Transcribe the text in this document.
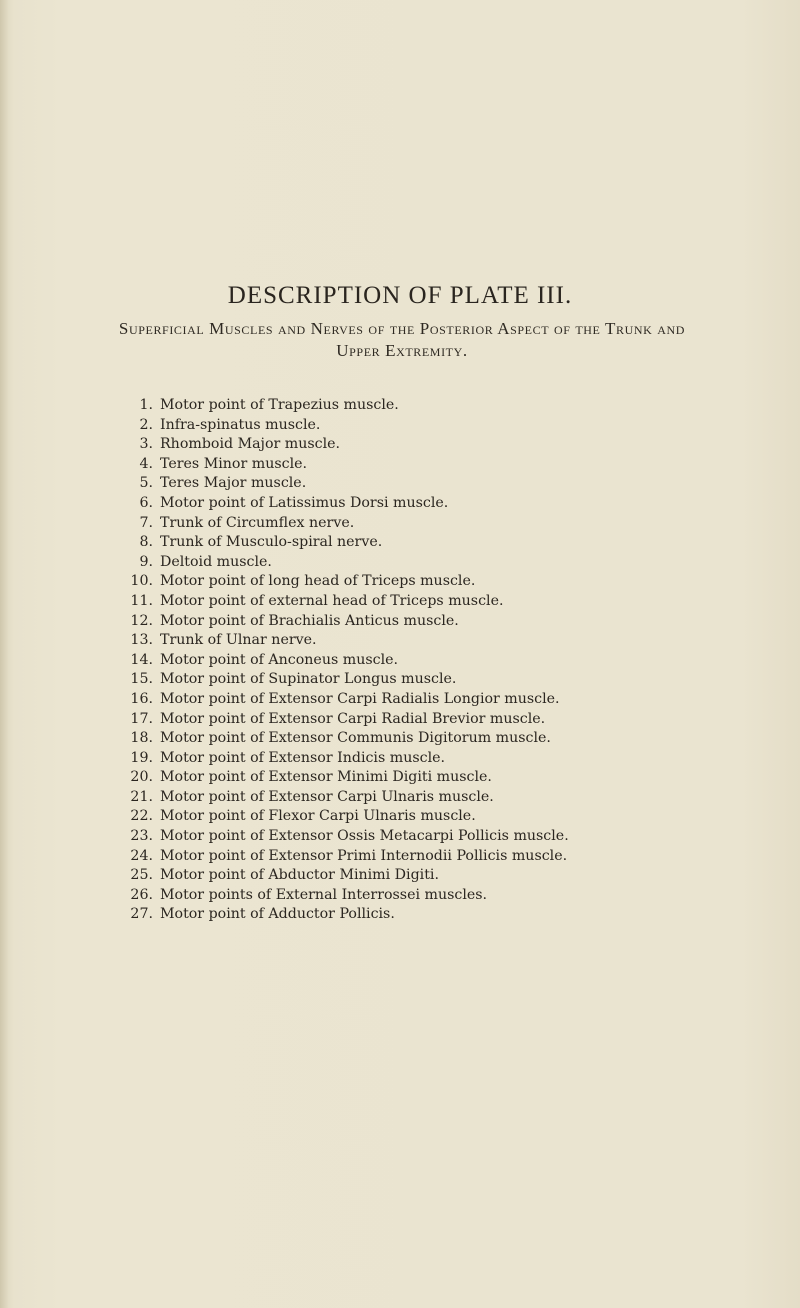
DESCRIPTION OF PLATE III.
Superficial Muscles and Nerves of the Posterior Aspect of the Trunk and Upper Extremity.
1. Motor point of Trapezius muscle.
2. Infra-spinatus muscle.
3. Rhomboid Major muscle.
4. Teres Minor muscle.
5. Teres Major muscle.
6. Motor point of Latissimus Dorsi muscle.
7. Trunk of Circumflex nerve.
8. Trunk of Musculo-spiral nerve.
9. Deltoid muscle.
10. Motor point of long head of Triceps muscle.
11. Motor point of external head of Triceps muscle.
12. Motor point of Brachialis Anticus muscle.
13. Trunk of Ulnar nerve.
14. Motor point of Anconeus muscle.
15. Motor point of Supinator Longus muscle.
16. Motor point of Extensor Carpi Radialis Longior muscle.
17. Motor point of Extensor Carpi Radial Brevior muscle.
18. Motor point of Extensor Communis Digitorum muscle.
19. Motor point of Extensor Indicis muscle.
20. Motor point of Extensor Minimi Digiti muscle.
21. Motor point of Extensor Carpi Ulnaris muscle.
22. Motor point of Flexor Carpi Ulnaris muscle.
23. Motor point of Extensor Ossis Metacarpi Pollicis muscle.
24. Motor point of Extensor Primi Internodii Pollicis muscle.
25. Motor point of Abductor Minimi Digiti.
26. Motor points of External Interrossei muscles.
27. Motor point of Adductor Pollicis.
